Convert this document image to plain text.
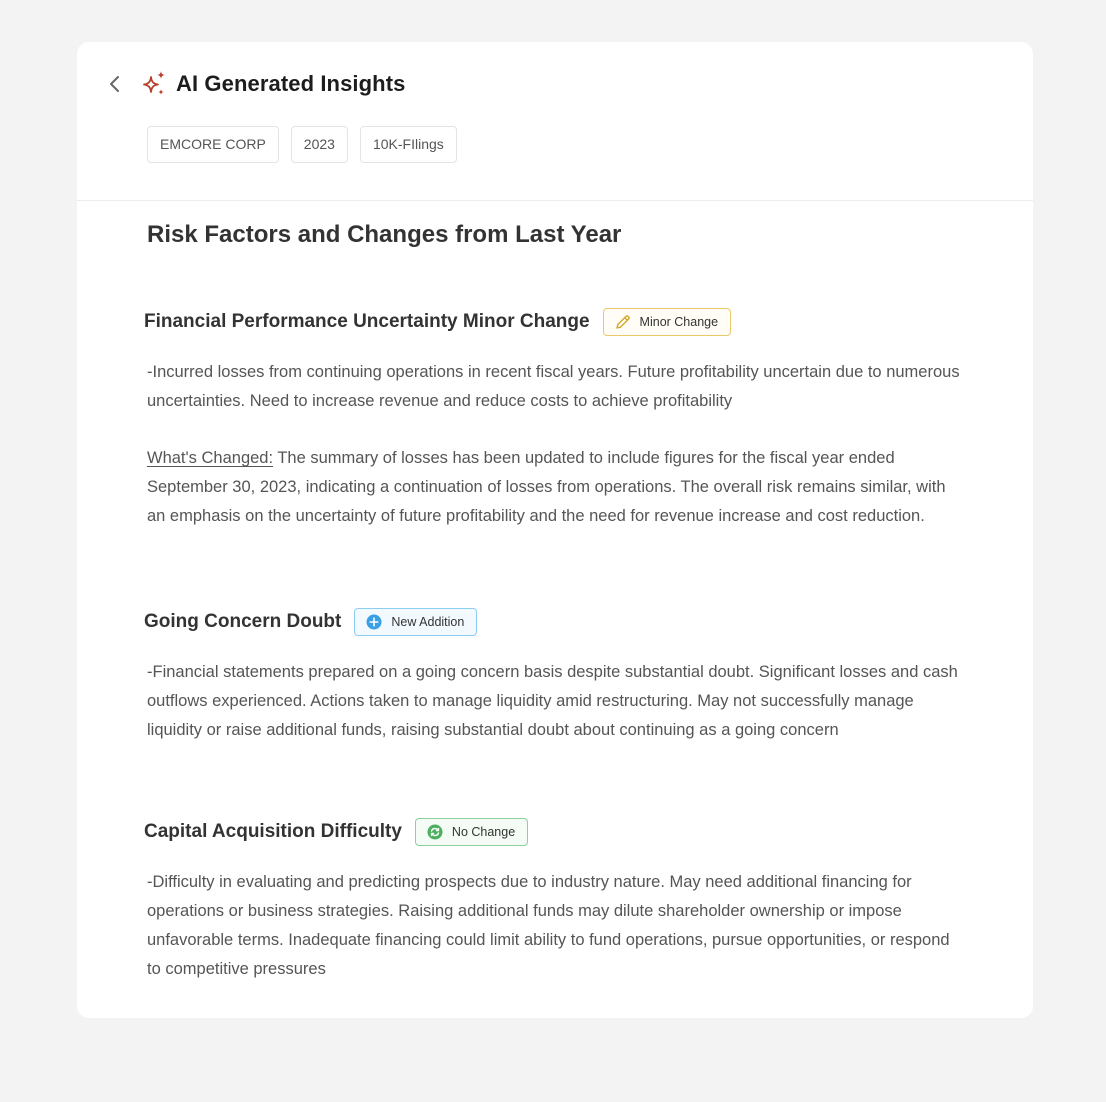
AI Generated Insights
EMCORE CORP	2023	10K-FIlings
Risk Factors and Changes from Last Year
Financial Performance Uncertainty Minor Change	Minor Change

-Incurred losses from continuing operations in recent fiscal years. Future profitability uncertain due to numerous uncertainties. Need to increase revenue and reduce costs to achieve profitability

What's Changed: The summary of losses has been updated to include figures for the fiscal year ended September 30, 2023, indicating a continuation of losses from operations. The overall risk remains similar, with an emphasis on the uncertainty of future profitability and the need for revenue increase and cost reduction.

Going Concern Doubt	New Addition

-Financial statements prepared on a going concern basis despite substantial doubt. Significant losses and cash outflows experienced. Actions taken to manage liquidity amid restructuring. May not successfully manage liquidity or raise additional funds, raising substantial doubt about continuing as a going concern

Capital Acquisition Difficulty	No Change

-Difficulty in evaluating and predicting prospects due to industry nature. May need additional financing for operations or business strategies. Raising additional funds may dilute shareholder ownership or impose unfavorable terms. Inadequate financing could limit ability to fund operations, pursue opportunities, or respond to competitive pressures
